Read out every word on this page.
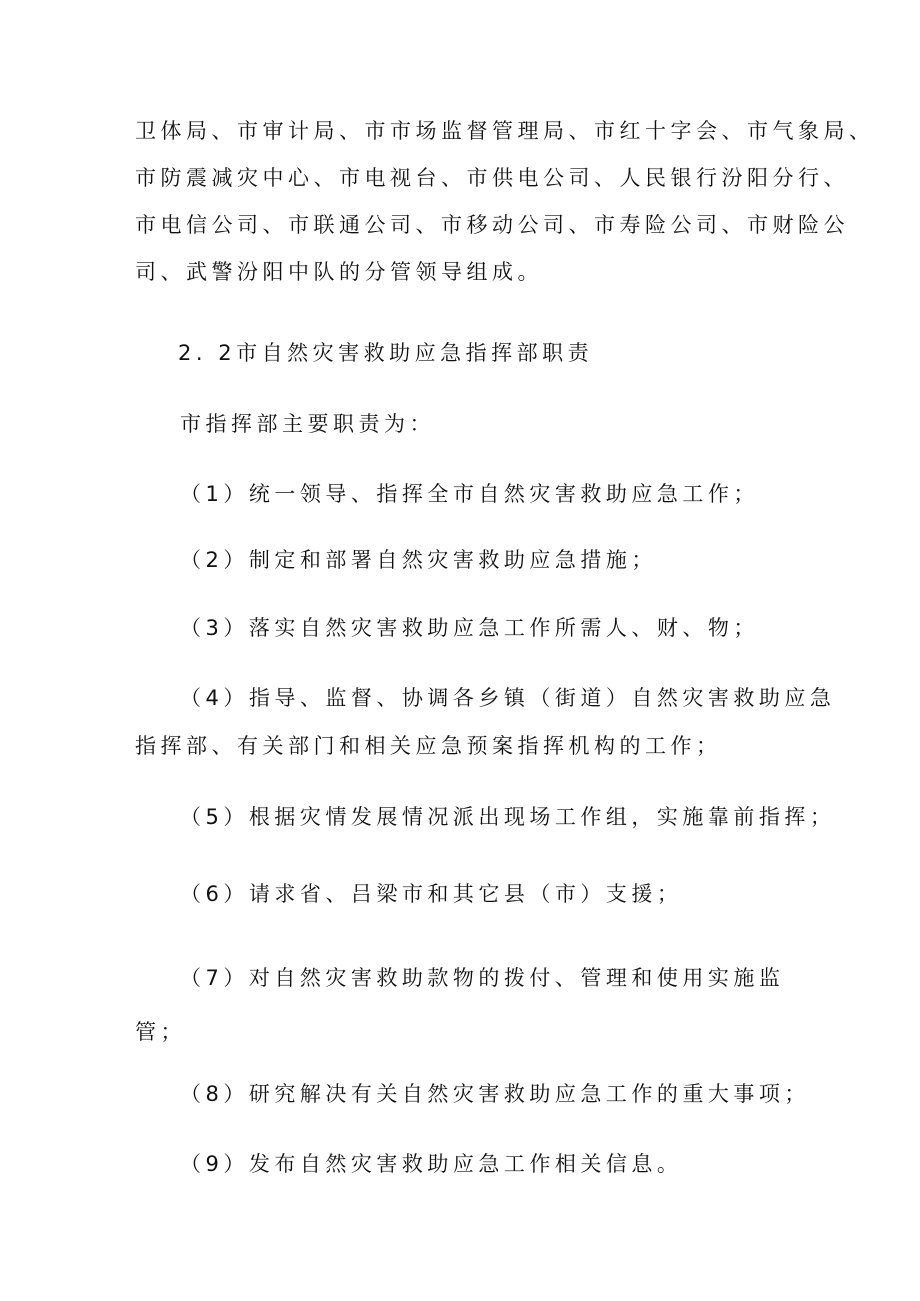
卫体局、市审计局、市市场监督管理局、市红十字会、市气象局、
市防震减灾中心、市电视台、市供电公司、人民银行汾阳分行、
市电信公司、市联通公司、市移动公司、市寿险公司、市财险公
司、武警汾阳中队的分管领导组成。
2. 2市自然灾害救助应急指挥部职责
市指挥部主要职责为：
（1）统一领导、指挥全市自然灾害救助应急工作；
（2）制定和部署自然灾害救助应急措施；
（3）落实自然灾害救助应急工作所需人、财、物；
（4）指导、监督、协调各乡镇（街道）自然灾害救助应急
指挥部、有关部门和相关应急预案指挥机构的工作；
（5）根据灾情发展情况派出现场工作组，实施靠前指挥；
（6）请求省、吕梁市和其它县（市）支援；
（7）对自然灾害救助款物的拨付、管理和使用实施监
管；
（8）研究解决有关自然灾害救助应急工作的重大事项；
（9）发布自然灾害救助应急工作相关信息。
